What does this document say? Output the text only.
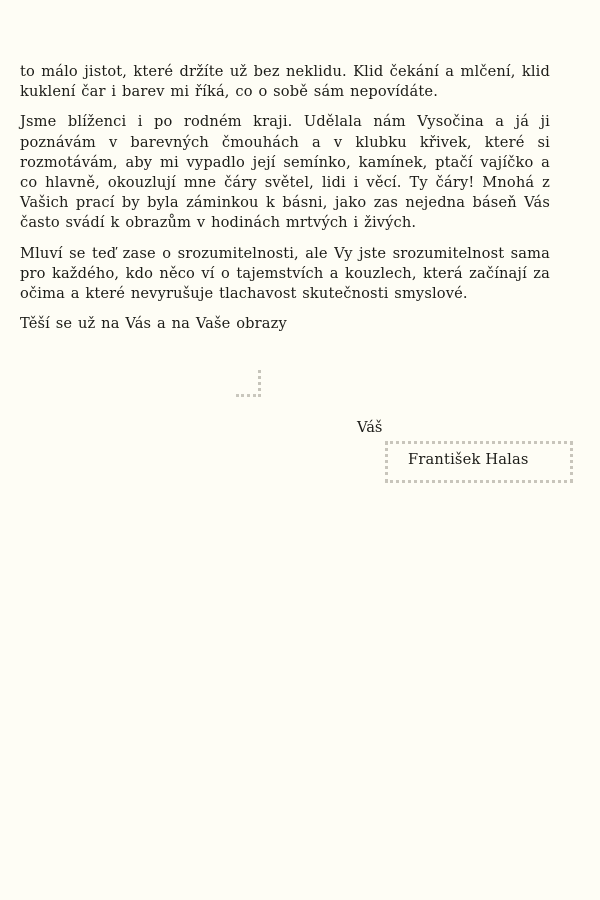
to málo jistot, které držíte už bez neklidu. Klid čekání a mlčení, klid kuklení čar i barev mi říká, co o sobě sám nepovídáte.

Jsme blíženci i po rodném kraji. Udělala nám Vysočina a já ji poznávám v barevných čmouhách a v klubku křivek, které si rozmotávám, aby mi vypadlo její semínko, kamínek, ptačí vajíčko a co hlavně, okouzlují mne čáry světel, lidi i věcí. Ty čáry! Mnohá z Vašich prací by byla záminkou k básni, jako zas nejedna báseň Vás často svádí k obrazům v hodinách mrtvých i živých.

Mluví se teď zase o srozumitelnosti, ale Vy jste srozumitelnost sama pro každého, kdo něco ví o tajemstvích a kouzlech, která začínají za očima a které nevyrušuje tlachavost skutečnosti smyslové.

Těší se už na Vás a na Vaše obrazy

Váš
František Halas
